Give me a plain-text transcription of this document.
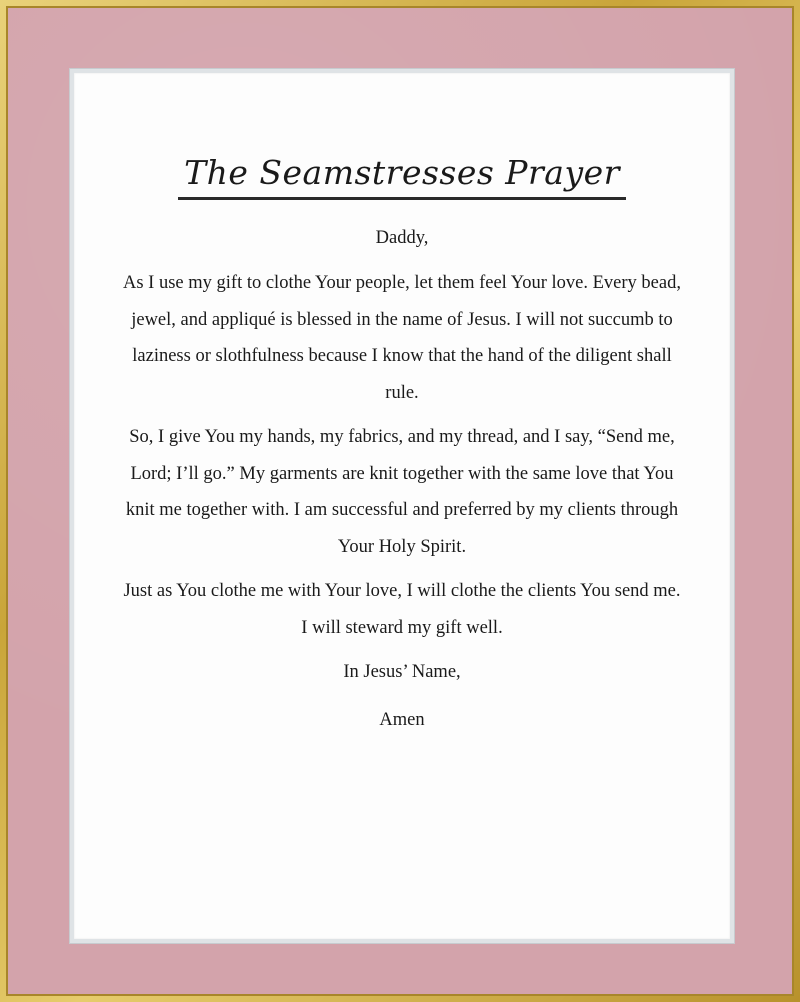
The Seamstresses Prayer
Daddy,
As I use my gift to clothe Your people, let them feel Your love. Every bead, jewel, and appliqué is blessed in the name of Jesus. I will not succumb to laziness or slothfulness because I know that the hand of the diligent shall rule.
So, I give You my hands, my fabrics, and my thread, and I say, “Send me, Lord; I’ll go.” My garments are knit together with the same love that You knit me together with. I am successful and preferred by my clients through Your Holy Spirit.
Just as You clothe me with Your love, I will clothe the clients You send me. I will steward my gift well.
In Jesus’ Name,
Amen
